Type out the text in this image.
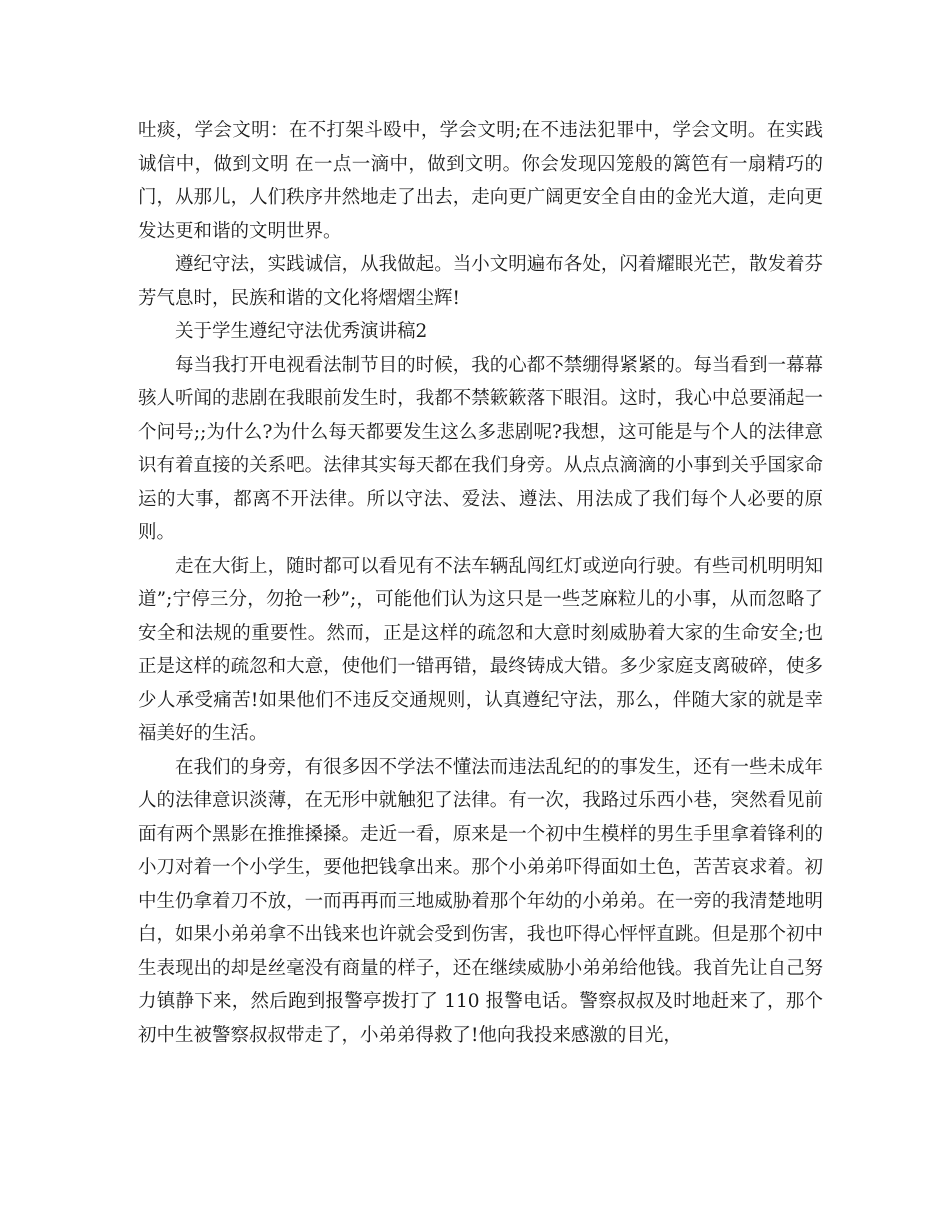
吐痰，学会文明：在不打架斗殴中，学会文明;在不违法犯罪中，学会文明。在实践诚信中，做到文明 在一点一滴中，做到文明。你会发现囚笼般的篱笆有一扇精巧的门，从那儿，人们秩序井然地走了出去，走向更广阔更安全自由的金光大道，走向更发达更和谐的文明世界。

遵纪守法，实践诚信，从我做起。当小文明遍布各处，闪着耀眼光芒，散发着芬芳气息时，民族和谐的文化将熠熠尘辉!

关于学生遵纪守法优秀演讲稿2

每当我打开电视看法制节目的时候，我的心都不禁绷得紧紧的。每当看到一幕幕骇人听闻的悲剧在我眼前发生时，我都不禁簌簌落下眼泪。这时，我心中总要涌起一个问号;;为什么?为什么每天都要发生这么多悲剧呢?我想，这可能是与个人的法律意识有着直接的关系吧。法律其实每天都在我们身旁。从点点滴滴的小事到关乎国家命运的大事，都离不开法律。所以守法、爱法、遵法、用法成了我们每个人必要的原则。

走在大街上，随时都可以看见有不法车辆乱闯红灯或逆向行驶。有些司机明明知道”;宁停三分，勿抢一秒”;，可能他们认为这只是一些芝麻粒儿的小事，从而忽略了安全和法规的重要性。然而，正是这样的疏忽和大意时刻威胁着大家的生命安全;也正是这样的疏忽和大意，使他们一错再错，最终铸成大错。多少家庭支离破碎，使多少人承受痛苦!如果他们不违反交通规则，认真遵纪守法，那么，伴随大家的就是幸福美好的生活。

在我们的身旁，有很多因不学法不懂法而违法乱纪的的事发生，还有一些未成年人的法律意识淡薄，在无形中就触犯了法律。有一次，我路过乐西小巷，突然看见前面有两个黑影在推推搡搡。走近一看，原来是一个初中生模样的男生手里拿着锋利的小刀对着一个小学生，要他把钱拿出来。那个小弟弟吓得面如土色，苦苦哀求着。初中生仍拿着刀不放，一而再再而三地威胁着那个年幼的小弟弟。在一旁的我清楚地明白，如果小弟弟拿不出钱来也许就会受到伤害，我也吓得心怦怦直跳。但是那个初中生表现出的却是丝毫没有商量的样子，还在继续威胁小弟弟给他钱。我首先让自己努力镇静下来，然后跑到报警亭拨打了 110 报警电话。警察叔叔及时地赶来了，那个初中生被警察叔叔带走了，小弟弟得救了!他向我投来感激的目光，
